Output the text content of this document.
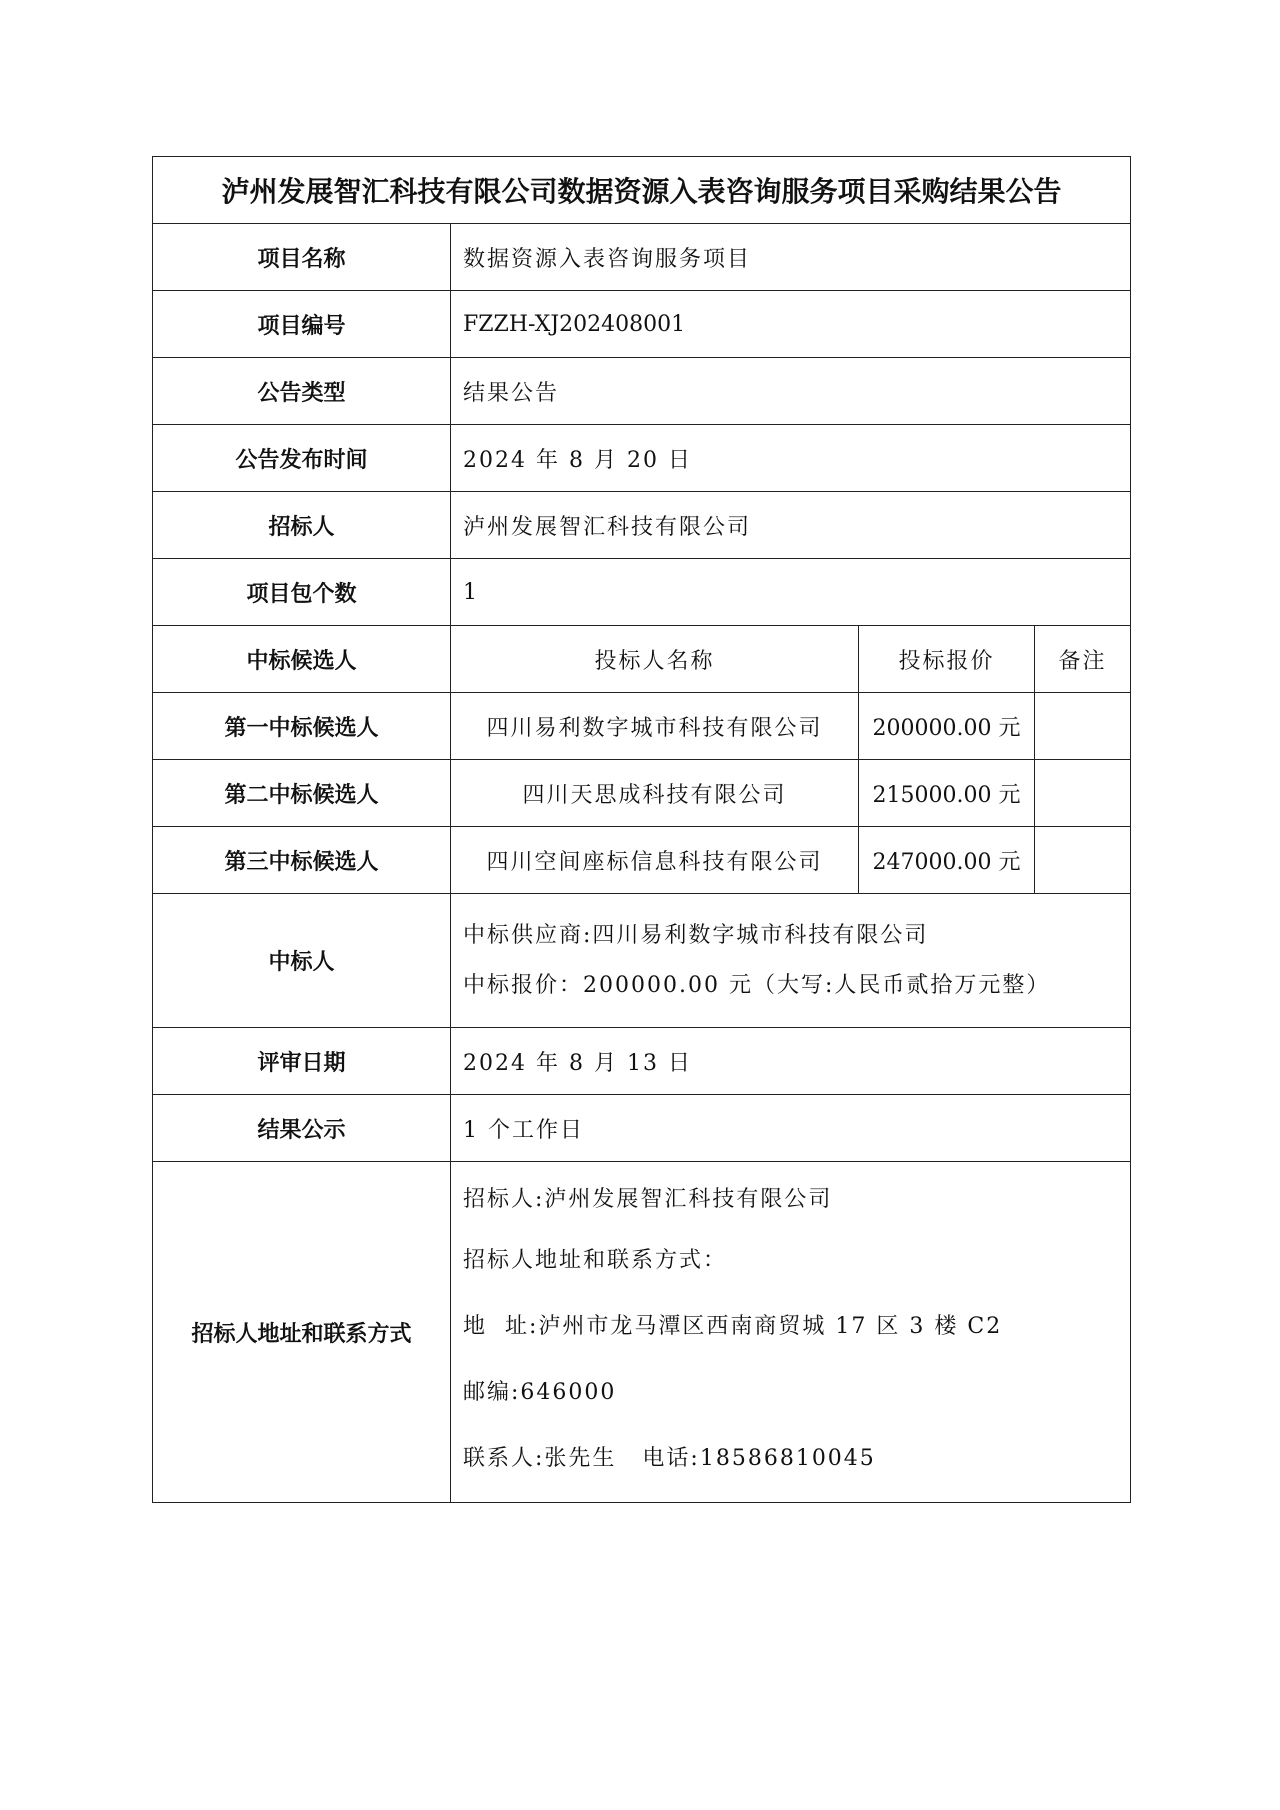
泸州发展智汇科技有限公司数据资源入表咨询服务项目采购结果公告			
项目名称	数据资源入表咨询服务项目		
项目编号	FZZH-XJ202408001		
公告类型	结果公告		
公告发布时间	2024 年 8 月 20 日		
招标人	泸州发展智汇科技有限公司		
项目包个数	1		
中标候选人	投标人名称	投标报价	备注
第一中标候选人	四川易利数字城市科技有限公司	200000.00 元	
第二中标候选人	四川天思成科技有限公司	215000.00 元	
第三中标候选人	四川空间座标信息科技有限公司	247000.00 元	
中标人	中标供应商:四川易利数字城市科技有限公司
中标报价：200000.00 元（大写:人民币贰拾万元整）		

评审日期	2024 年 8 月 13 日		
结果公示	1 个工作日		
招标人地址和联系方式	招标人:泸州发展智汇科技有限公司
招标人地址和联系方式：
地  址:泸州市龙马潭区西南商贸城 17 区 3 楼 C2
邮编:646000
联系人:张先生 电话:18586810045		
